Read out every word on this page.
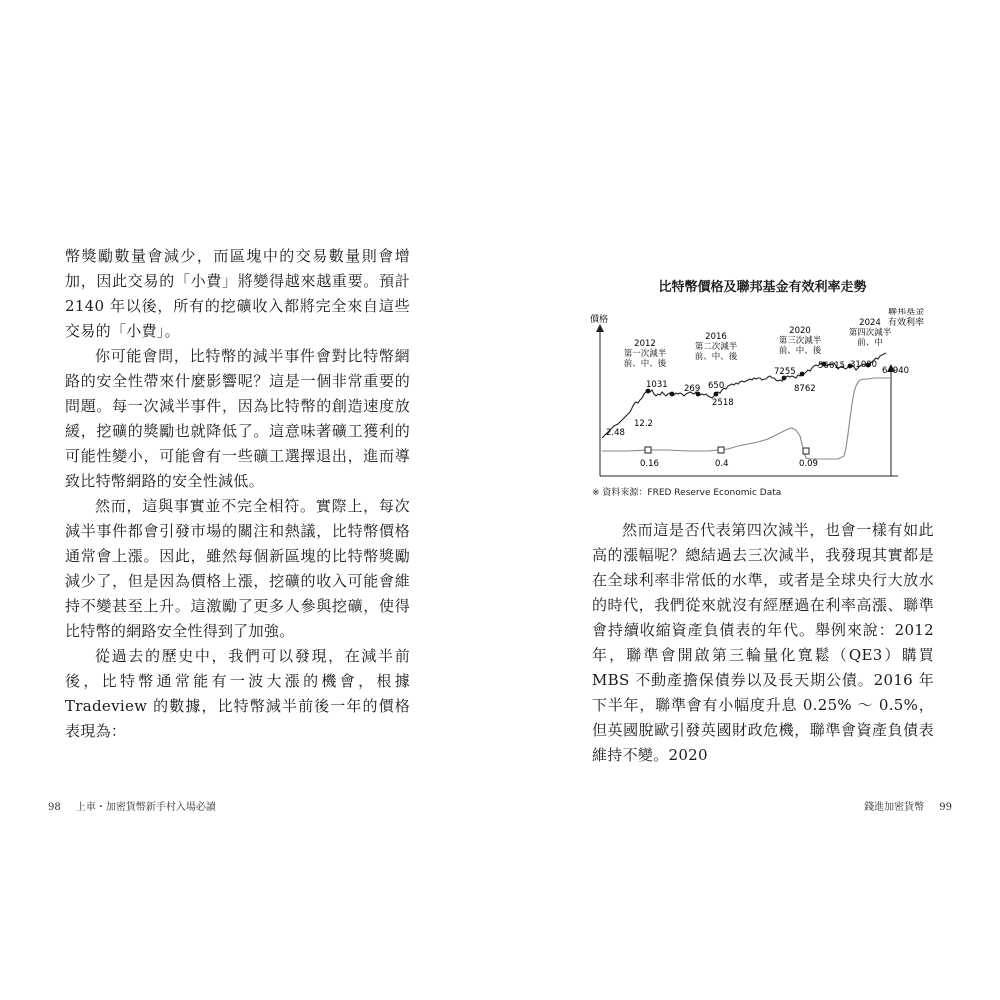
幣獎勵數量會減少，而區塊中的交易數量則會增加，因此交易的「小費」將變得越來越重要。預計 2140 年以後，所有的挖礦收入都將完全來自這些交易的「小費」。

你可能會問，比特幣的減半事件會對比特幣網路的安全性帶來什麼影響呢？這是一個非常重要的問題。每一次減半事件，因為比特幣的創造速度放緩，挖礦的獎勵也就降低了。這意味著礦工獲利的可能性變小，可能會有一些礦工選擇退出，進而導致比特幣網路的安全性減低。

然而，這與事實並不完全相符。實際上，每次減半事件都會引發市場的關注和熱議，比特幣價格通常會上漲。因此，雖然每個新區塊的比特幣獎勵減少了，但是因為價格上漲，挖礦的收入可能會維持不變甚至上升。這激勵了更多人參與挖礦，使得比特幣的網路安全性得到了加強。

從過去的歷史中，我們可以發現，在減半前後，比特幣通常能有一波大漲的機會，根據 Tradeview 的數據，比特幣減半前後一年的價格表現為：

比特幣價格及聯邦基金有效利率走勢
價格
聯邦基金
有效利率
2012
第一次減半
前、中、後
2016
第二次減半
前、中、後
2020
第三次減半
前、中、後
2024
第四次減半
前、中
2.48
12.2
1031 269 650
2518
7255
8762
56615 31000
64940
0.16	0.4	0.09
※ 資料來源：FRED Reserve Economic Data

然而這是否代表第四次減半，也會一樣有如此高的漲幅呢？總結過去三次減半，我發現其實都是在全球利率非常低的水準，或者是全球央行大放水的時代，我們從來就沒有經歷過在利率高漲、聯準會持續收縮資產負債表的年代。舉例來說：2012 年，聯準會開啟第三輪量化寬鬆（QE3）購買 MBS 不動產擔保債券以及長天期公債。2016 年下半年，聯準會有小幅度升息 0.25% ～ 0.5%，但英國脫歐引發英國財政危機，聯準會資產負債表維持不變。2020

98 上車・加密貨幣新手村入場必讀	錢進加密貨幣 99
